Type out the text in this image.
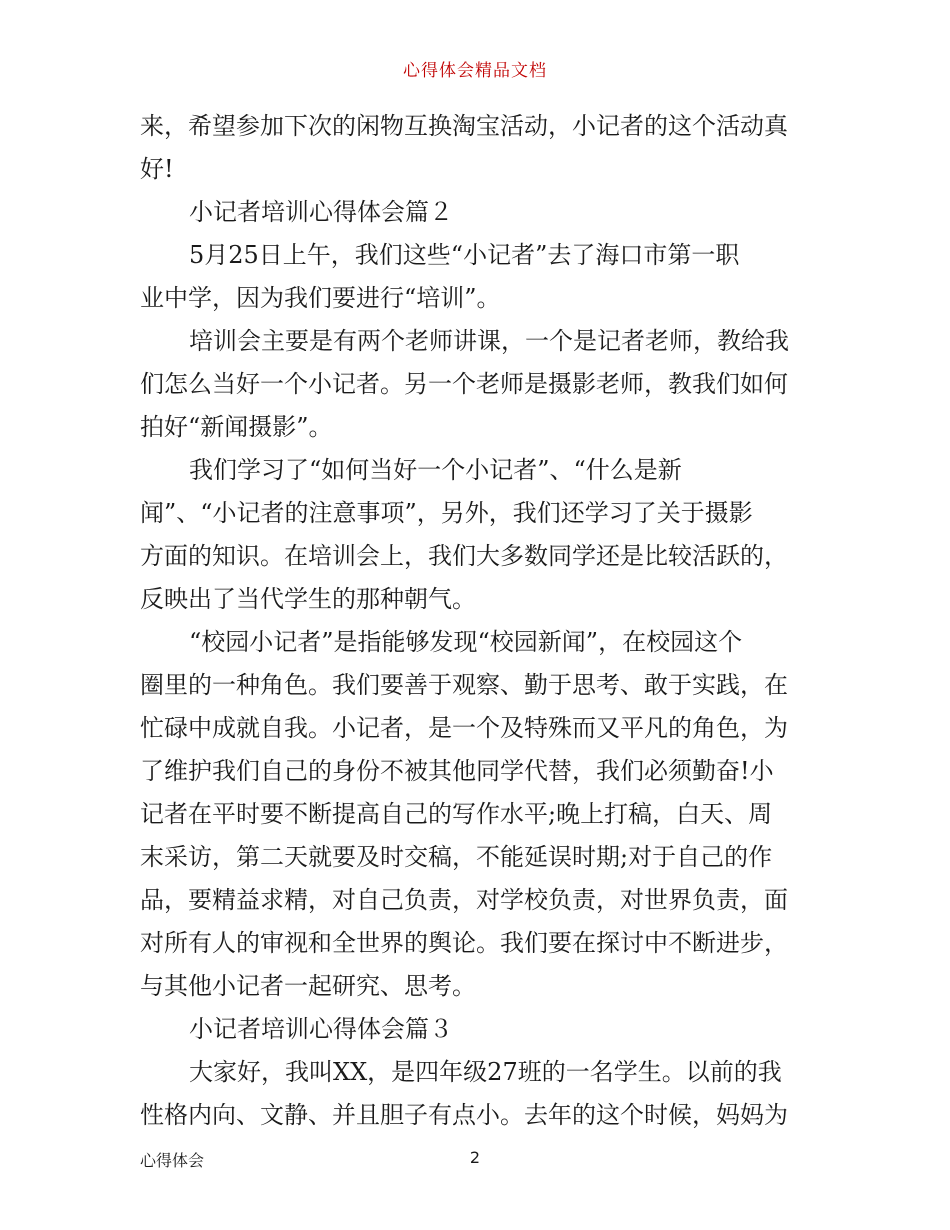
心得体会精品文档
来，希望参加下次的闲物互换淘宝活动，小记者的这个活动真
好!
小记者培训心得体会篇２
5月25日上午，我们这些“小记者”去了海口市第一职
业中学，因为我们要进行“培训”。
培训会主要是有两个老师讲课，一个是记者老师，教给我
们怎么当好一个小记者。另一个老师是摄影老师，教我们如何
拍好“新闻摄影”。
我们学习了“如何当好一个小记者”、“什么是新
闻”、“小记者的注意事项”，另外，我们还学习了关于摄影
方面的知识。在培训会上，我们大多数同学还是比较活跃的，
反映出了当代学生的那种朝气。
“校园小记者”是指能够发现“校园新闻”，在校园这个
圈里的一种角色。我们要善于观察、勤于思考、敢于实践，在
忙碌中成就自我。小记者，是一个及特殊而又平凡的角色，为
了维护我们自己的身份不被其他同学代替，我们必须勤奋!小
记者在平时要不断提高自己的写作水平;晚上打稿，白天、周
末采访，第二天就要及时交稿，不能延误时期;对于自己的作
品，要精益求精，对自己负责，对学校负责，对世界负责，面
对所有人的审视和全世界的舆论。我们要在探讨中不断进步，
与其他小记者一起研究、思考。
小记者培训心得体会篇３
大家好，我叫XX，是四年级27班的一名学生。以前的我
性格内向、文静、并且胆子有点小。去年的这个时候，妈妈为
心得体会	2
